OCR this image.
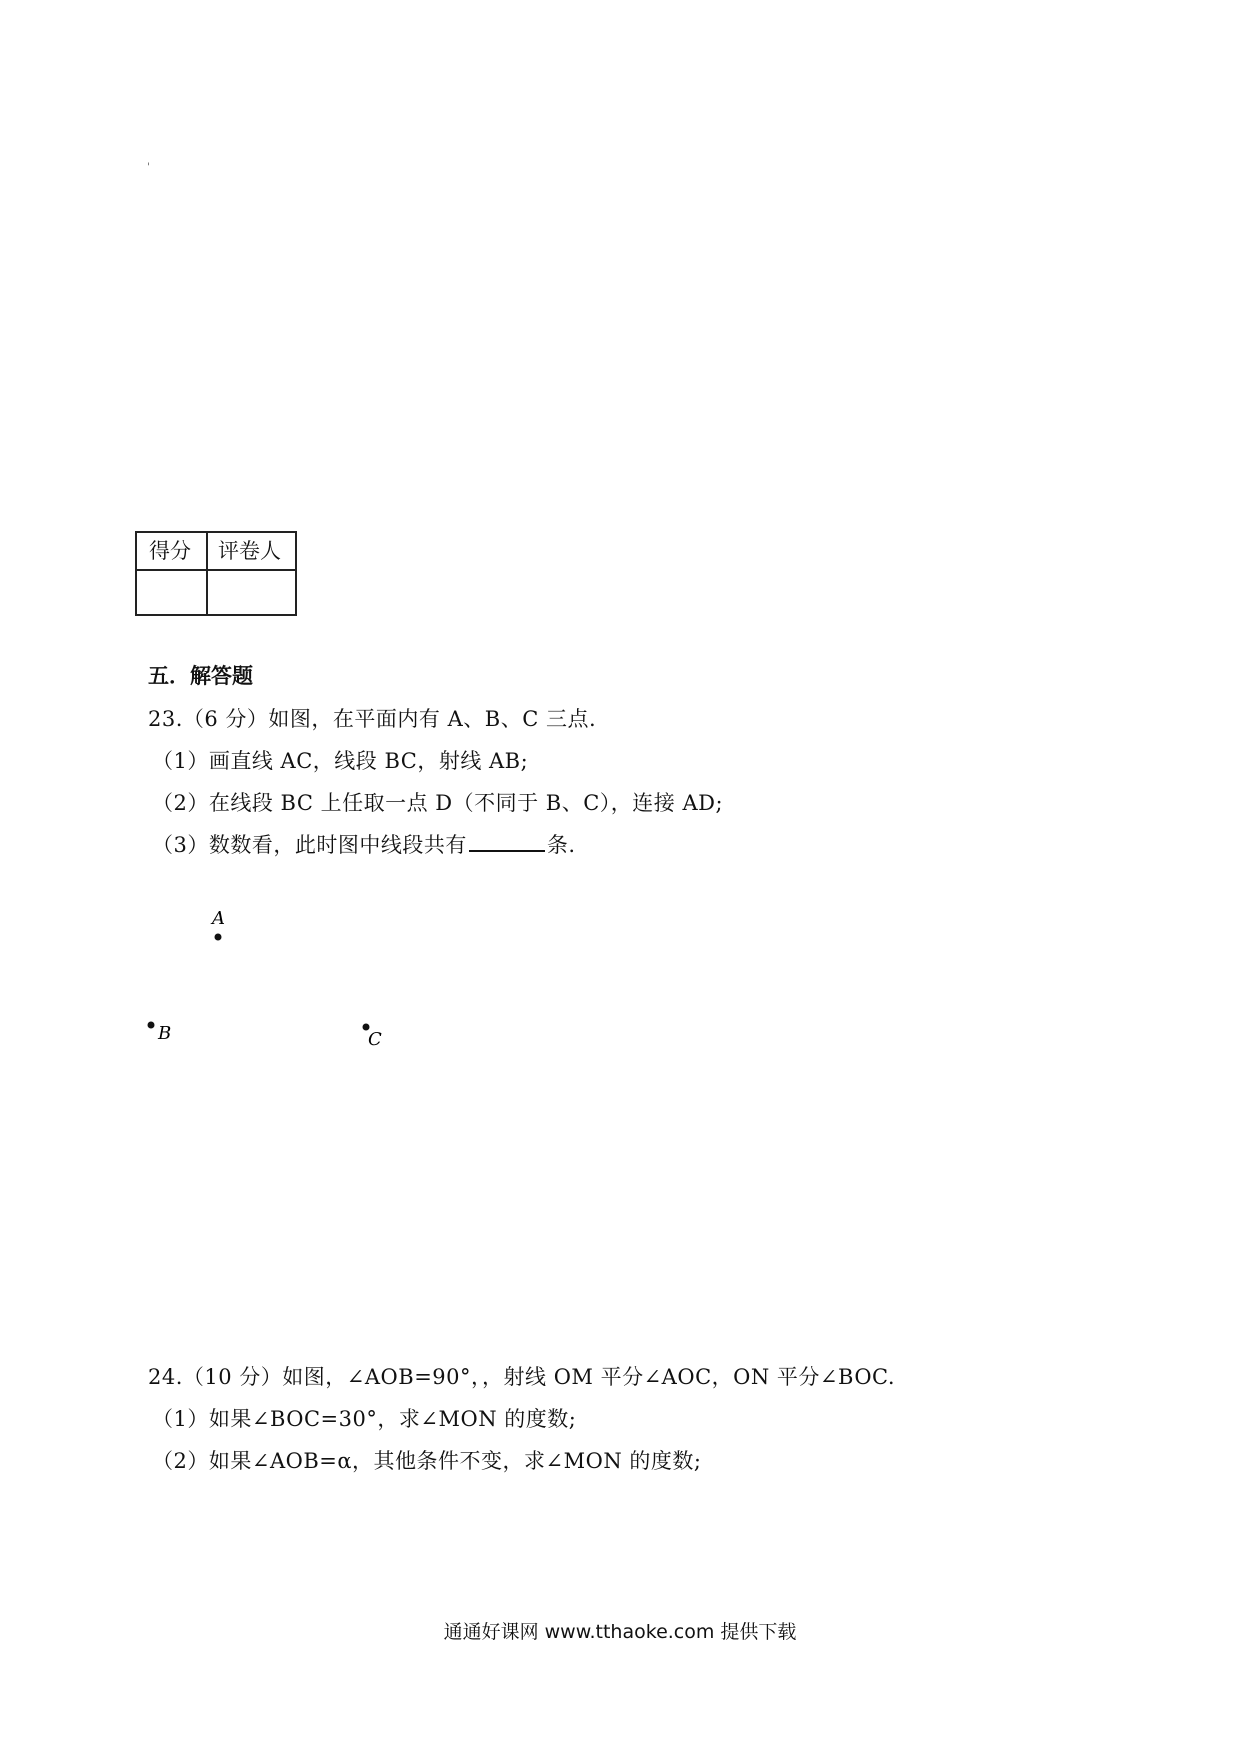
'
得分	评卷人

五．解答题
23.（6 分）如图，在平面内有 A、B、C 三点.
（1）画直线 AC，线段 BC，射线 AB;
（2）在线段 BC 上任取一点 D（不同于 B、C），连接 AD;
（3）数数看，此时图中线段共有	条.
A
B	C
24.（10 分）如图，∠AOB=90°，，射线 OM 平分∠AOC，ON 平分∠BOC.
（1）如果∠BOC=30°，求∠MON 的度数;
（2）如果∠AOB=α，其他条件不变，求∠MON 的度数;
通通好课网 www.tthaoke.com 提供下载
